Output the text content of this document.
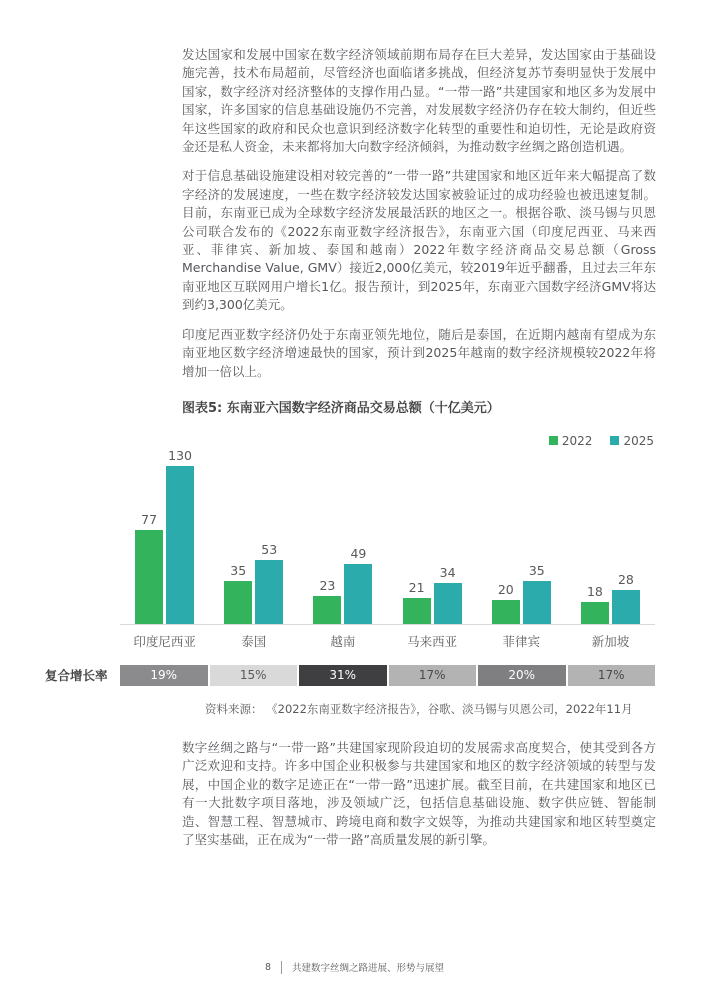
发达国家和发展中国家在数字经济领域前期布局存在巨大差异，发达国家由于基础设施完善，技术布局超前，尽管经济也面临诸多挑战，但经济复苏节奏明显快于发展中国家，数字经济对经济整体的支撑作用凸显。“一带一路”共建国家和地区多为发展中国家，许多国家的信息基础设施仍不完善，对发展数字经济仍存在较大制约，但近些年这些国家的政府和民众也意识到经济数字化转型的重要性和迫切性，无论是政府资金还是私人资金，未来都将加大向数字经济倾斜，为推动数字丝绸之路创造机遇。

对于信息基础设施建设相对较完善的“一带一路”共建国家和地区近年来大幅提高了数字经济的发展速度，一些在数字经济较发达国家被验证过的成功经验也被迅速复制。目前，东南亚已成为全球数字经济发展最活跃的地区之一。根据谷歌、淡马锡与贝恩公司联合发布的《2022东南亚数字经济报告》，东南亚六国（印度尼西亚、马来西亚、菲律宾、新加坡、泰国和越南）2022年数字经济商品交易总额（Gross Merchandise Value, GMV）接近2,000亿美元，较2019年近乎翻番，且过去三年东南亚地区互联网用户增长1亿。报告预计，到2025年，东南亚六国数字经济GMV将达到约3,300亿美元。

印度尼西亚数字经济仍处于东南亚领先地位，随后是泰国，在近期内越南有望成为东南亚地区数字经济增速最快的国家，预计到2025年越南的数字经济规模较2022年将增加一倍以上。

图表5: 东南亚六国数字经济商品交易总额（十亿美元）
2022	2025
77
130
35
53
23
49
21
34
20
35
18
28
印度尼西亚	泰国	越南	马来西亚	菲律宾	新加坡
复合增长率	19%	15%	31%	17%	20%	17%
资料来源： 《2022东南亚数字经济报告》，谷歌、淡马锡与贝恩公司，2022年11月

数字丝绸之路与“一带一路”共建国家现阶段迫切的发展需求高度契合，使其受到各方广泛欢迎和支持。许多中国企业积极参与共建国家和地区的数字经济领域的转型与发展，中国企业的数字足迹正在“一带一路”迅速扩展。截至目前，在共建国家和地区已有一大批数字项目落地，涉及领域广泛，包括信息基础设施、数字供应链、智能制造、智慧工程、智慧城市、跨境电商和数字文娱等，为推动共建国家和地区转型奠定了坚实基础，正在成为“一带一路”高质量发展的新引擎。

8 共建数字丝绸之路进展、形势与展望
